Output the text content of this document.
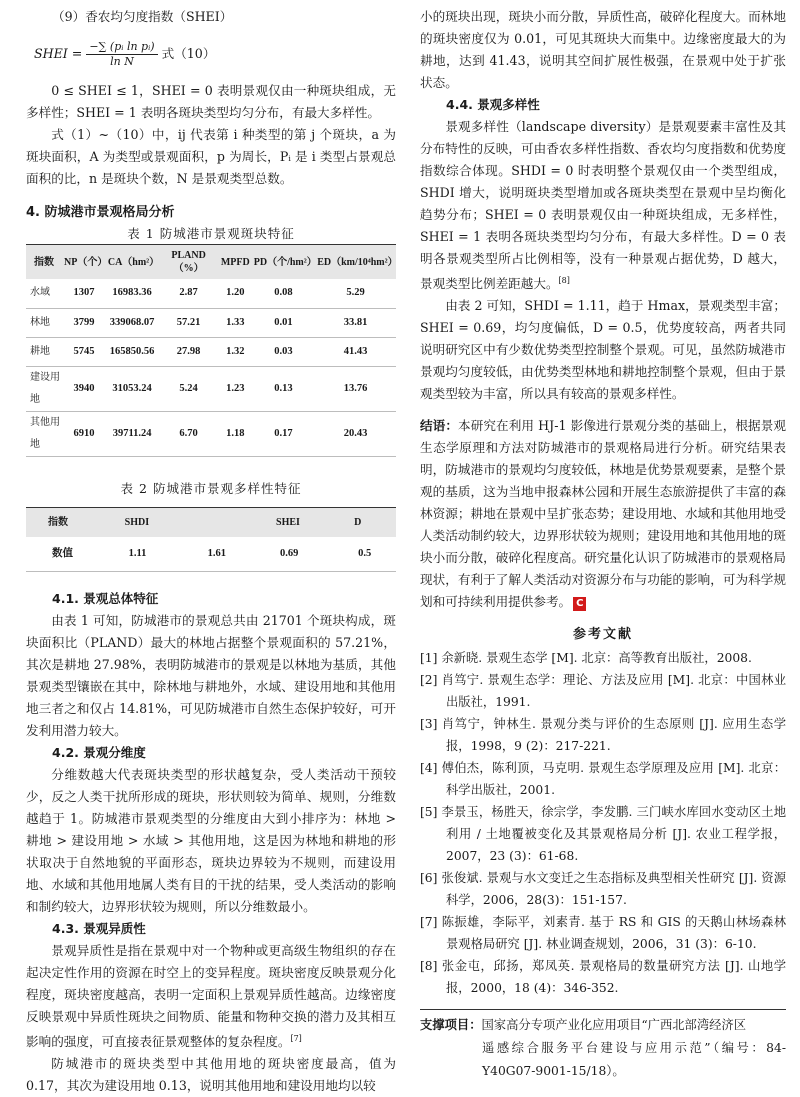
（9）香农均匀度指数（SHEI）
SHEI = $\frac{\text{−∑ (pᵢ ln pᵢ)}}{\text{ln N}}$ 式（10）

0 ≤ SHEI ≤ 1，SHEI = 0 表明景观仅由一种斑块组成，无多样性；SHEI = 1 表明各斑块类型均匀分布，有最大多样性。

式（1）~（10）中，ij 代表第 i 种类型的第 j 个斑块，a 为斑块面积，A 为类型或景观面积，p 为周长，Pᵢ 是 i 类型占景观总面积的比，n 是斑块个数，N 是景观类型总数。

4. 防城港市景观格局分析
表 1 防城港市景观斑块特征
指数	NP（个）	CA（hm²）	PLAND（%）	MPFD	PD（个/hm²）	ED（km/10⁴hm²）
水域	1307	16983.36	2.87	1.20	0.08	5.29
林地	3799	339068.07	57.21	1.33	0.01	33.81
耕地	5745	165850.56	27.98	1.32	0.03	41.43
建设用地	3940	31053.24	5.24	1.23	0.13	13.76
其他用地	6910	39711.24	6.70	1.18	0.17	20.43
表 2 防城港市景观多样性特征
指数	SHDI		SHEI	D
数值	1.11	1.61	0.69	0.5
4.1. 景观总体特征

由表 1 可知，防城港市的景观总共由 21701 个斑块构成，斑块面积比（PLAND）最大的林地占据整个景观面积的 57.21%，其次是耕地 27.98%，表明防城港市的景观是以林地为基质，其他景观类型镶嵌在其中，除林地与耕地外，水域、建设用地和其他用地三者之和仅占 14.81%，可见防城港市自然生态保护较好，可开发利用潜力较大。

4.2. 景观分维度

分维数越大代表斑块类型的形状越复杂，受人类活动干预较少，反之人类干扰所形成的斑块，形状则较为简单、规则，分维数越趋于 1。防城港市景观类型的分维度由大到小排序为：林地 > 耕地 > 建设用地 > 水域 > 其他用地，这是因为林地和耕地的形状取决于自然地貌的平面形态，斑块边界较为不规则，而建设用地、水域和其他用地属人类有目的干扰的结果，受人类活动的影响和制约较大，边界形状较为规则，所以分维数最小。

4.3. 景观异质性

景观异质性是指在景观中对一个物种或更高级生物组织的存在起决定性作用的资源在时空上的变异程度。斑块密度反映景观分化程度，斑块密度越高，表明一定面积上景观异质性越高。边缘密度反映景观中异质性斑块之间物质、能量和物种交换的潜力及其相互影响的强度，可直接表征景观整体的复杂程度。[7]

防城港市的斑块类型中其他用地的斑块密度最高，值为 0.17，其次为建设用地 0.13，说明其他用地和建设用地均以较

小的斑块出现，斑块小而分散，异质性高，破碎化程度大。而林地的斑块密度仅为 0.01，可见其斑块大而集中。边缘密度最大的为耕地，达到 41.43，说明其空间扩展性极强，在景观中处于扩张状态。

4.4. 景观多样性

景观多样性（landscape diversity）是景观要素丰富性及其分布特性的反映，可由香农多样性指数、香农均匀度指数和优势度指数综合体现。SHDI = 0 时表明整个景观仅由一个类型组成，SHDI 增大，说明斑块类型增加或各斑块类型在景观中呈均衡化趋势分布；SHEI = 0 表明景观仅由一种斑块组成，无多样性，SHEI = 1 表明各斑块类型均匀分布，有最大多样性。D = 0 表明各景观类型所占比例相等，没有一种景观占据优势，D 越大，景观类型比例差距越大。[8]

由表 2 可知，SHDI = 1.11，趋于 Hmax，景观类型丰富；SHEI = 0.69，均匀度偏低，D = 0.5，优势度较高，两者共同说明研究区中有少数优势类型控制整个景观。可见，虽然防城港市景观均匀度较低，由优势类型林地和耕地控制整个景观，但由于景观类型较为丰富，所以具有较高的景观多样性。

结语：本研究在利用 HJ-1 影像进行景观分类的基础上，根据景观生态学原理和方法对防城港市的景观格局进行分析。研究结果表明，防城港市的景观均匀度较低，林地是优势景观要素，是整个景观的基质，这为当地申报森林公园和开展生态旅游提供了丰富的森林资源；耕地在景观中呈扩张态势；建设用地、水域和其他用地受人类活动制约较大，边界形状较为规则；建设用地和其他用地的斑块小而分散，破碎化程度高。研究量化认识了防城港市的景观格局现状，有利于了解人类活动对资源分布与功能的影响，可为科学规划和可持续利用提供参考。 C

参考文献
[1] 余新晓. 景观生态学 [M]. 北京：高等教育出版社，2008.
[2] 肖笃宁. 景观生态学：理论、方法及应用 [M]. 北京：中国林业出版社，1991.
[3] 肖笃宁，钟林生. 景观分类与评价的生态原则 [J]. 应用生态学报，1998，9 (2)：217-221.
[4] 傅伯杰，陈利顶，马克明. 景观生态学原理及应用 [M]. 北京：科学出版社，2001.
[5] 李景玉，杨胜天，徐宗学，李发鹏. 三门峡水库回水变动区土地利用 / 土地覆被变化及其景观格局分析 [J]. 农业工程学报，2007，23 (3)：61-68.
[6] 张俊斌. 景观与水文变迁之生态指标及典型相关性研究 [J]. 资源科学，2006，28(3)：151-157.
[7] 陈振雄，李际平，刘素青. 基于 RS 和 GIS 的天鹅山林场森林景观格局研究 [J]. 林业调查规划，2006，31 (3)：6-10.
[8] 张金屯，邱扬，郑凤英. 景观格局的数量研究方法 [J]. 山地学报，2000，18 (4)：346-352.
支撑项目：国家高分专项产业化应用项目“广西北部湾经济区
遥感综合服务平台建设与应用示范”（编号：84-Y40G07-9001-15/18）。
